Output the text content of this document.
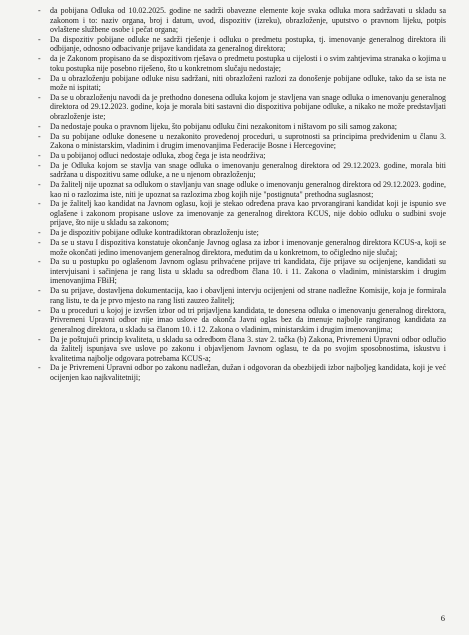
- da pobijana Odluka od 10.02.2025. godine ne sadrži obavezne elemente koje svaka odluka mora sadržavati u skladu sa zakonom i to: naziv organa, broj i datum, uvod, dispozitiv (izreku), obrazloženje, uputstvo o pravnom lijeku, potpis ovlaštene službene osobe i pečat organa;
- Da dispozitiv pobijane odluke ne sadrži rješenje i odluku o predmetu postupka, tj. imenovanje generalnog direktora ili odbijanje, odnosno odbacivanje prijave kandidata za generalnog direktora;
- da je Zakonom propisano da se dispozitivom rješava o predmetu postupka u cijelosti i o svim zahtjevima stranaka o kojima u toku postupka nije posebno riješeno, što u konkretnom slučaju nedostaje;
- Da u obrazloženju pobijane odluke nisu sadržani, niti obrazloženi razlozi za donošenje pobijane odluke, tako da se ista ne može ni ispitati;
- Da se u obrazloženju navodi da je prethodno donesena odluka kojom je stavljena van snage odluka o imenovanju generalnog direktora od 29.12.2023. godine, koja je morala biti sastavni dio dispozitiva pobijane odluke, a nikako ne može predstavljati obrazloženje iste;
- Da nedostaje pouka o pravnom lijeku, što pobijanu odluku čini nezakonitom i ništavom po sili samog zakona;
- Da su pobijane odluke donesene u nezakonito provedenoj proceduri, u suprotnosti sa principima predviđenim u članu 3. Zakona o ministarskim, vladinim i drugim imenovanjima Federacije Bosne i Hercegovine;
- Da u pobijanoj odluci nedostaje odluka, zbog čega je ista neodrživa;
- Da je Odluka kojom se stavlja van snage odluka o imenovanju generalnog direktora od 29.12.2023. godine, morala biti sadržana u dispozitivu same odluke, a ne u njenom obrazloženju;
- Da žalitelj nije upoznat sa odlukom o stavljanju van snage odluke o imenovanju generalnog direktora od 29.12.2023. godine, kao ni o razlozima iste, niti je upoznat sa razlozima zbog kojih nije "postignuta" prethodna suglasnost;
- Da je žalitelj kao kandidat na Javnom oglasu, koji je stekao određena prava kao prvorangirani kandidat koji je ispunio sve oglašene i zakonom propisane uslove za imenovanje za generalnog direktora KCUS, nije dobio odluku o sudbini svoje prijave, što nije u skladu sa zakonom;
- Da je dispozitiv pobijane odluke kontradiktoran obrazloženju iste;
- Da se u stavu I dispozitiva konstatuje okončanje Javnog oglasa za izbor i imenovanje generalnog direktora KCUS-a, koji se može okončati jedino imenovanjem generalnog direktora, međutim da u konkretnom, to očigledno nije slučaj;
- Da su u postupku po oglašenom Javnom oglasu prihvaćene prijave tri kandidata, čije prijave su ocijenjene, kandidati su intervjuisani i sačinjena je rang lista u skladu sa odredbom člana 10. i 11. Zakona o vladinim, ministarskim i drugim imenovanjima FBiH;
- Da su prijave, dostavljena dokumentacija, kao i obavljeni intervju ocijenjeni od strane nadležne Komisije, koja je formirala rang listu, te da je prvo mjesto na rang listi zauzeo žalitelj;
- Da u proceduri u kojoj je izvršen izbor od tri prijavljena kandidata, te donesena odluka o imenovanju generalnog direktora, Privremeni Upravni odbor nije imao uslove da okonča Javni oglas bez da imenuje najbolje rangiranog kandidata za generalnog direktora, u skladu sa članom 10. i 12. Zakona o vladinim, ministarskim i drugim imenovanjima;
- Da je poštujući princip kvaliteta, u skladu sa odredbom člana 3. stav 2. tačka (b) Zakona, Privremeni Upravni odbor odlučio da žalitelj ispunjava sve uslove po zakonu i objavljenom Javnom oglasu, te da po svojim sposobnostima, iskustvu i kvalitetima najbolje odgovara potrebama KCUS-a;
- Da je Privremeni Upravni odbor po zakonu nadležan, dužan i odgovoran da obezbijedi izbor najboljeg kandidata, koji je već ocijenjen kao najkvalitetniji;
6
